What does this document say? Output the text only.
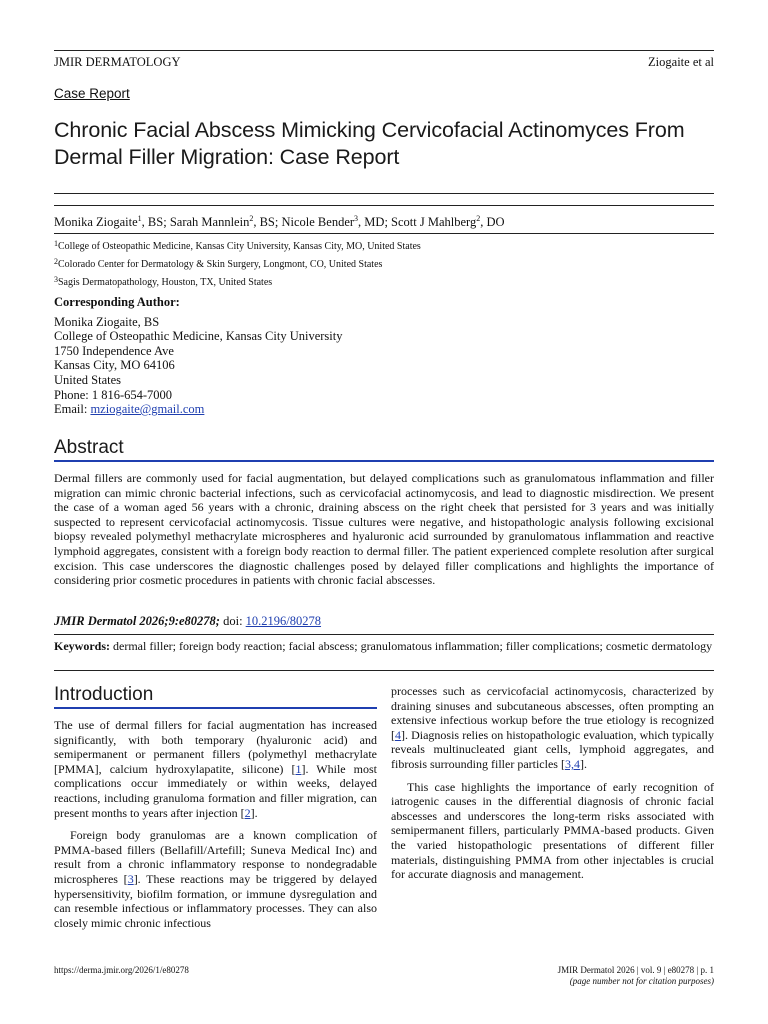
JMIR DERMATOLOGY	Ziogaite et al
Case Report
Chronic Facial Abscess Mimicking Cervicofacial Actinomyces From Dermal Filler Migration: Case Report
Monika Ziogaite$^1$, BS; Sarah Mannlein$^2$, BS; Nicole Bender$^3$, MD; Scott J Mahlberg$^2$, DO
$^1$College of Osteopathic Medicine, Kansas City University, Kansas City, MO, United States
$^2$Colorado Center for Dermatology & Skin Surgery, Longmont, CO, United States
$^3$Sagis Dermatopathology, Houston, TX, United States
Corresponding Author:
Monika Ziogaite, BS
College of Osteopathic Medicine, Kansas City University
1750 Independence Ave
Kansas City, MO 64106
United States
Phone: 1 816-654-7000
Email: mziogaite@gmail.com
Abstract
Dermal fillers are commonly used for facial augmentation, but delayed complications such as granulomatous inflammation and filler migration can mimic chronic bacterial infections, such as cervicofacial actinomycosis, and lead to diagnostic misdirection. We present the case of a woman aged 56 years with a chronic, draining abscess on the right cheek that persisted for 3 years and was initially suspected to represent cervicofacial actinomycosis. Tissue cultures were negative, and histopathologic analysis following excisional biopsy revealed polymethyl methacrylate microspheres and hyaluronic acid surrounded by granulomatous inflammation and reactive lymphoid aggregates, consistent with a foreign body reaction to dermal filler. The patient experienced complete resolution after surgical excision. This case underscores the diagnostic challenges posed by delayed filler complications and highlights the importance of considering prior cosmetic procedures in patients with chronic facial abscesses.
JMIR Dermatol 2026;9:e80278; doi: 10.2196/80278
Keywords: dermal filler; foreign body reaction; facial abscess; granulomatous inflammation; filler complications; cosmetic dermatology
Introduction

The use of dermal fillers for facial augmentation has increased significantly, with both temporary (hyaluronic acid) and semipermanent or permanent fillers (polymethyl methacrylate [PMMA], calcium hydroxylapatite, silicone) [1]. While most complications occur immediately or within weeks, delayed reactions, including granuloma formation and filler migration, can present months to years after injection [2].

Foreign body granulomas are a known complication of PMMA-based fillers (Bellafill/Artefill; Suneva Medical Inc) and result from a chronic inflammatory response to nondegradable microspheres [3]. These reactions may be triggered by delayed hypersensitivity, biofilm formation, or immune dysregulation and can resemble infectious or inflammatory processes. They can also closely mimic chronic infectious

processes such as cervicofacial actinomycosis, characterized by draining sinuses and subcutaneous abscesses, often prompting an extensive infectious workup before the true etiology is recognized [4]. Diagnosis relies on histopathologic evaluation, which typically reveals multinucleated giant cells, lymphoid aggregates, and fibrosis surrounding filler particles [3,4].

This case highlights the importance of early recognition of iatrogenic causes in the differential diagnosis of chronic facial abscesses and underscores the long-term risks associated with semipermanent fillers, particularly PMMA-based products. Given the varied histopathologic presentations of different filler materials, distinguishing PMMA from other injectables is crucial for accurate diagnosis and management.

https://derma.jmir.org/2026/1/e80278	JMIR Dermatol 2026 | vol. 9 | e80278 | p. 1
(page number not for citation purposes)
